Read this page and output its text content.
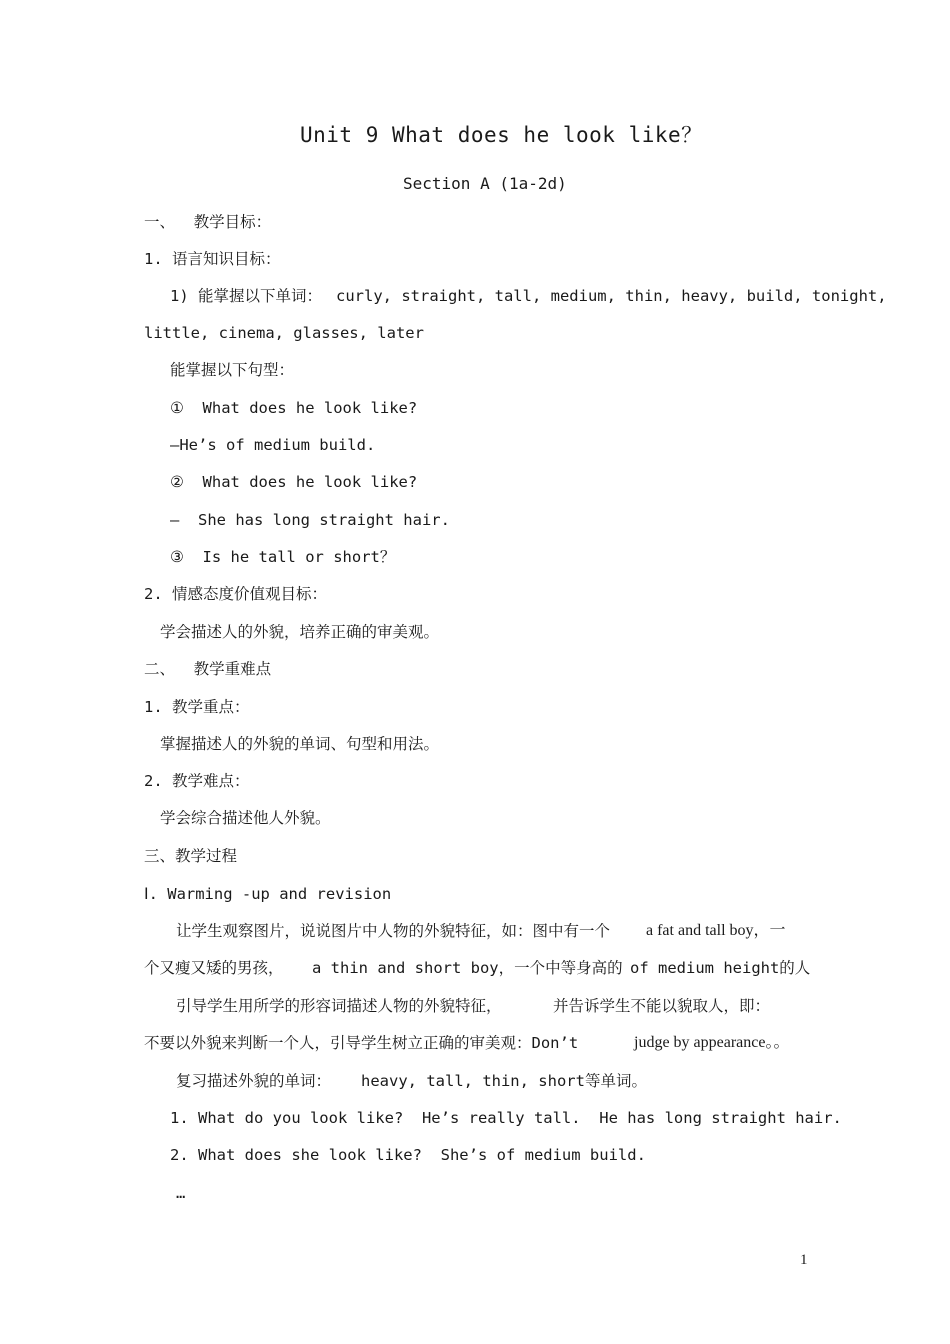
Unit 9 What does he look like？
Section A (1a-2d)
一、  教学目标：
1. 语言知识目标：
1) 能掌握以下单词： curly, straight, tall, medium, thin, heavy, build, tonight,
little, cinema, glasses, later
能掌握以下句型：
①  What does he look like?
—He’s of medium build.
②  What does he look like?
—  She has long straight hair.
③  Is he tall or short？
2. 情感态度价值观目标：
学会描述人的外貌，培养正确的审美观。
二、  教学重难点
1. 教学重点：
掌握描述人的外貌的单词、句型和用法。
2. 教学难点：
学会综合描述他人外貌。
三、教学过程
Ⅰ. Warming -up and revision
让学生观察图片，说说图片中人物的外貌特征，如：图中有一个 a fat and tall boy，一
个又瘦又矮的男孩， a thin and short boy，一个中等身高的 of medium height的人
引导学生用所学的形容词描述人物的外貌特征，	并告诉学生不能以貌取人，即：
不要以外貌来判断一个人，引导学生树立正确的审美观：Don’t	judge by appearance。。
复习描述外貌的单词： heavy, tall, thin, short等单词。
1. What do you look like?  He’s really tall.  He has long straight hair.
2. What does she look like?  She’s of medium build.
…
1
